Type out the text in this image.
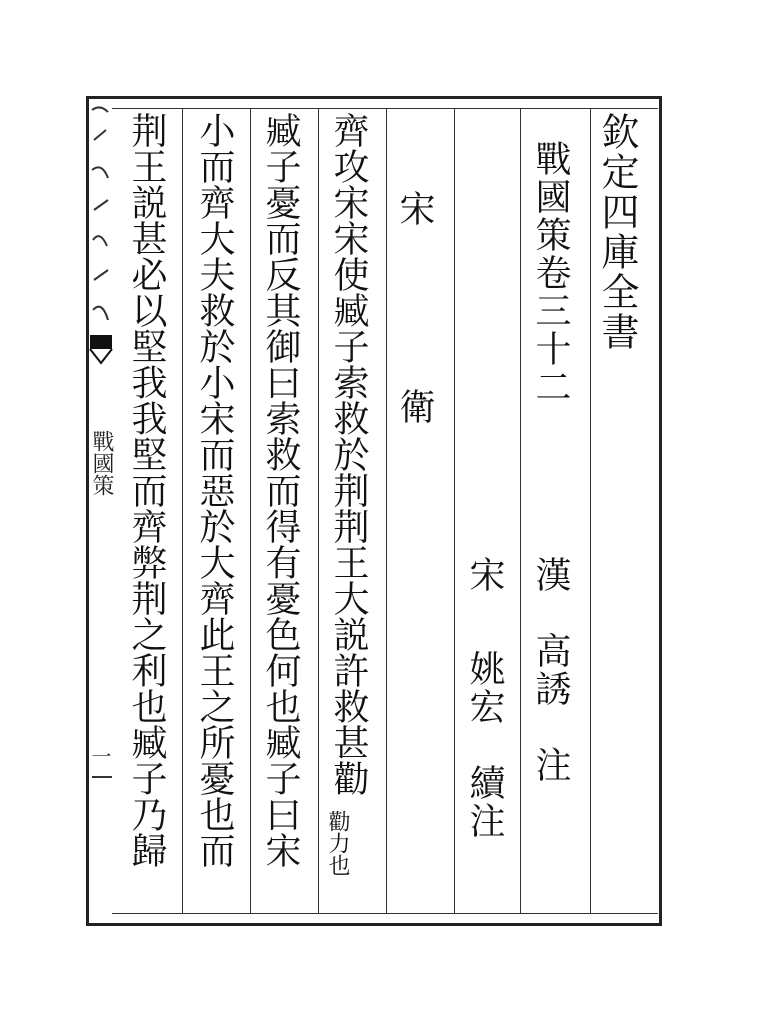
戰國策
一
欽定四庫全書
戰國策卷三十二
漢　高誘　注
宋
姚宏　續注
宋　　衛
齊攻宋宋使臧子索救於荆荆王大説許救甚勸
勸力也
臧子憂而反其御曰索救而得有憂色何也臧子曰宋
小而齊大夫救於小宋而惡於大齊此王之所憂也而
荆王説甚必以堅我我堅而齊弊荆之利也臧子乃歸
